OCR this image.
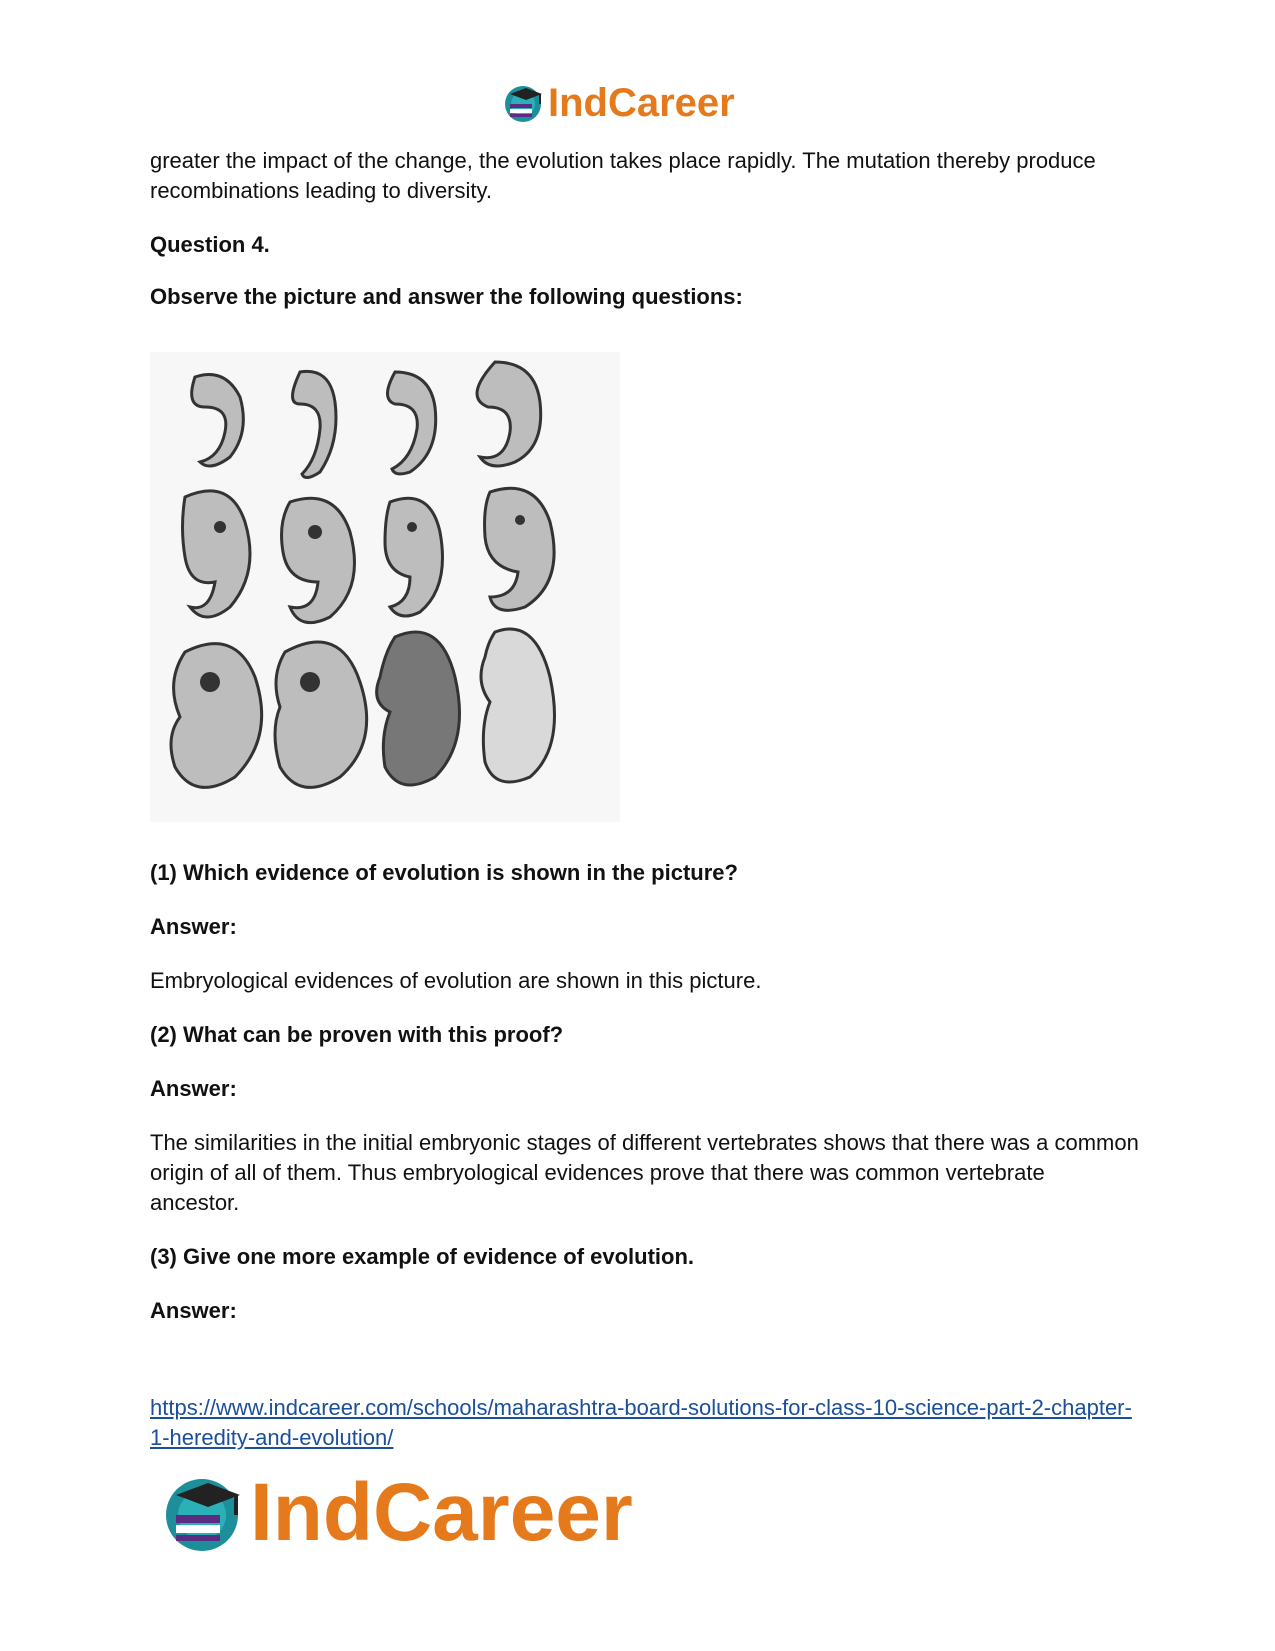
IndCareer

greater the impact of the change, the evolution takes place rapidly. The mutation thereby produce recombinations leading to diversity.

Question 4.

Observe the picture and answer the following questions:

(1) Which evidence of evolution is shown in the picture?

Answer:

Embryological evidences of evolution are shown in this picture.

(2) What can be proven with this proof?

Answer:

The similarities in the initial embryonic stages of different vertebrates shows that there was a common origin of all of them. Thus embryological evidences prove that there was common vertebrate ancestor.

(3) Give one more example of evidence of evolution.

Answer:

https://www.indcareer.com/schools/maharashtra-board-solutions-for-class-10-science-part-2-chapter-1-heredity-and-evolution/
IndCareer
